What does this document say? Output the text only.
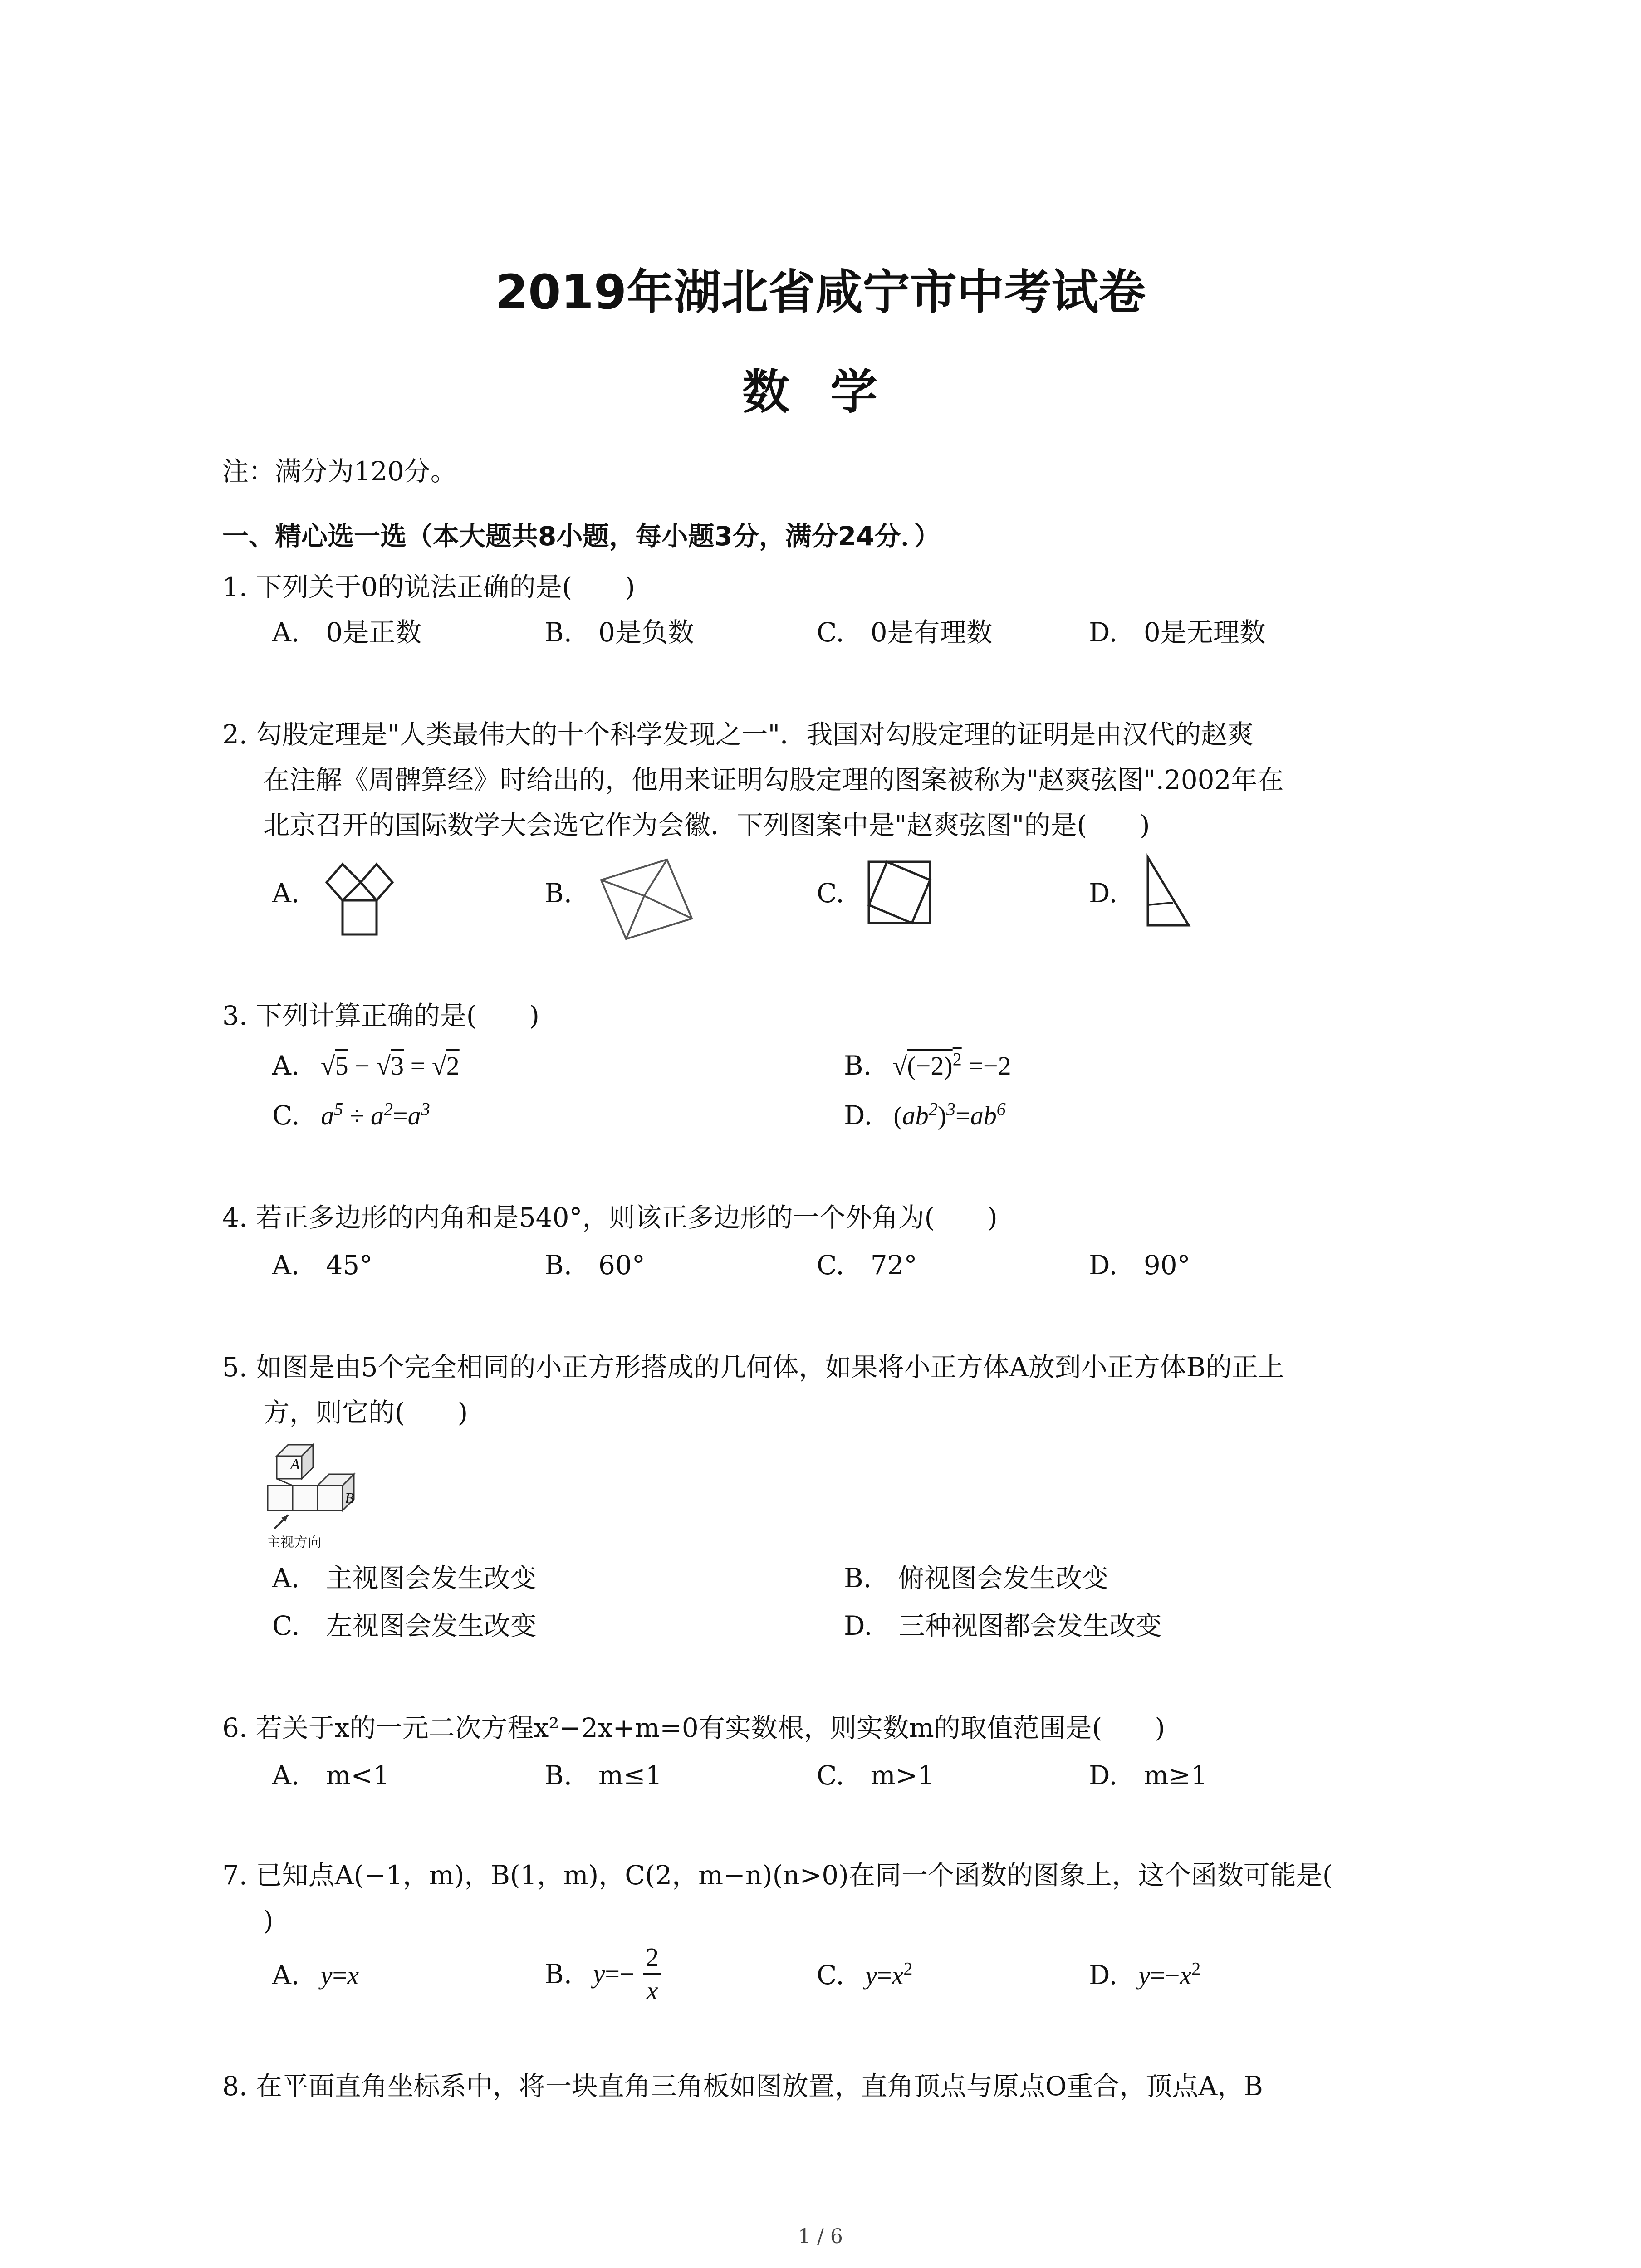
2019年湖北省咸宁市中考试卷
数学
注：满分为120分。
一、精心选一选（本大题共8小题，每小题3分，满分24分．）
1. 下列关于0的说法正确的是(　　)
A.　0是正数	B.　0是负数	C.　0是有理数	D.　0是无理数
2. 勾股定理是"人类最伟大的十个科学发现之一"．我国对勾股定理的证明是由汉代的赵爽
在注解《周髀算经》时给出的，他用来证明勾股定理的图案被称为"赵爽弦图".2002年在
北京召开的国际数学大会选它作为会徽．下列图案中是"赵爽弦图"的是(　　)
A.	B.	C.	D.
3. 下列计算正确的是(　　)
A. √5 − √3 = √2	B. $√(-2)^2 =-2$
C. $a^5 \div a^2=a^3$	D. $(ab^2)^3=ab^6$
4. 若正多边形的内角和是540°，则该正多边形的一个外角为(　　)
A.　45°	B.　60°	C.　72°	D.　90°
5. 如图是由5个完全相同的小正方形搭成的几何体，如果将小正方体A放到小正方体B的正上
方，则它的(　　)
A
B
主视方向
A.　主视图会发生改变	B.　俯视图会发生改变
C.　左视图会发生改变	D.　三种视图都会发生改变
6. 若关于x的一元二次方程x²−2x+m=0有实数根，则实数m的取值范围是(　　)
A.　m<1	B.　m≤1	C.　m>1	D.　m≥1
7. 已知点A(−1，m)，B(1，m)，C(2，m−n)(n>0)在同一个函数的图象上，这个函数可能是(
)
A. y=x	B. $y=- \frac{2}{x}$	C. $y=x^2$	D. $y=-x^2$
8. 在平面直角坐标系中，将一块直角三角板如图放置，直角顶点与原点O重合，顶点A，B
1 / 6
